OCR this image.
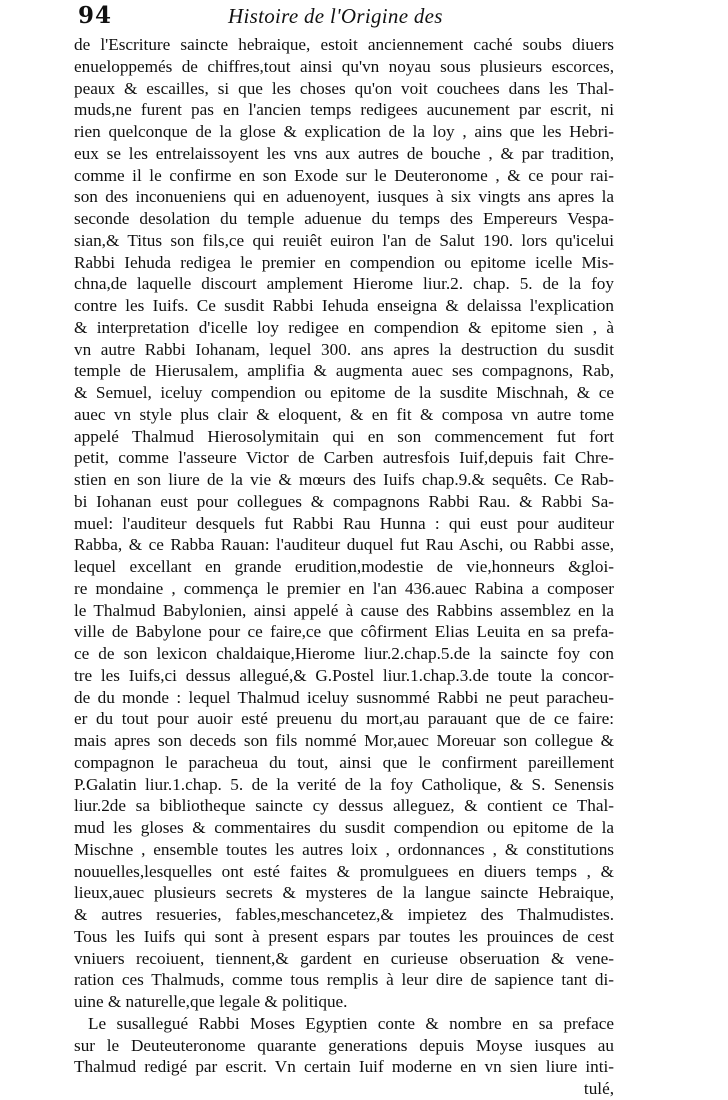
94	Histoire de l'Origine des
de l'Escriture saincte hebraique, estoit anciennement caché soubs diuers
enueloppemés de chiffres,tout ainsi qu'vn noyau sous plusieurs escorces,
peaux & escailles, si que les choses qu'on voit couchees dans les Thal-
muds,ne furent pas en l'ancien temps redigees aucunement par escrit, ni
rien quelconque de la glose & explication de la loy , ains que les Hebri-
eux se les entrelaissoyent les vns aux autres de bouche , & par tradition,
comme il le confirme en son Exode sur le Deuteronome , & ce pour rai-
son des inconueniens qui en aduenoyent, iusques à six vingts ans apres la
seconde desolation du temple aduenue du temps des Empereurs Vespa-
sian,& Titus son fils,ce qui reuiêt euiron l'an de Salut 190. lors qu'icelui
Rabbi Iehuda redigea le premier en compendion ou epitome icelle Mis-
chna,de laquelle discourt amplement Hierome liur.2. chap. 5. de la foy
contre les Iuifs. Ce susdit Rabbi Iehuda enseigna & delaissa l'explication
& interpretation d'icelle loy redigee en compendion & epitome sien , à
vn autre Rabbi Iohanam, lequel 300. ans apres la destruction du susdit
temple de Hierusalem, amplifia & augmenta auec ses compagnons, Rab,
& Semuel, iceluy compendion ou epitome de la susdite Mischnah, & ce
auec vn style plus clair & eloquent, & en fit & composa vn autre tome
appelé Thalmud Hierosolymitain qui en son commencement fut fort
petit, comme l'asseure Victor de Carben autresfois Iuif,depuis fait Chre-
stien en son liure de la vie & mœurs des Iuifs chap.9.& sequêts. Ce Rab-
bi Iohanan eust pour collegues & compagnons Rabbi Rau. & Rabbi Sa-
muel: l'auditeur desquels fut Rabbi Rau Hunna : qui eust pour auditeur
Rabba, & ce Rabba Rauan: l'auditeur duquel fut Rau Aschi, ou Rabbi asse,
lequel excellant en grande erudition,modestie de vie,honneurs &gloi-
re mondaine , commença le premier en l'an 436.auec Rabina a composer
le Thalmud Babylonien, ainsi appelé à cause des Rabbins assemblez en la
ville de Babylone pour ce faire,ce que côfirment Elias Leuita en sa prefa-
ce de son lexicon chaldaique,Hierome liur.2.chap.5.de la saincte foy con
tre les Iuifs,ci dessus allegué,& G.Postel liur.1.chap.3.de toute la concor-
de du monde : lequel Thalmud iceluy susnommé Rabbi ne peut paracheu-
er du tout pour auoir esté preuenu du mort,au parauant que de ce faire:
mais apres son deceds son fils nommé Mor,auec Moreuar son collegue &
compagnon le paracheua du tout, ainsi que le confirment pareillement
P.Galatin liur.1.chap. 5. de la verité de la foy Catholique, & S. Senensis
liur.2de sa bibliotheque saincte cy dessus alleguez, & contient ce Thal-
mud les gloses & commentaires du susdit compendion ou epitome de la
Mischne , ensemble toutes les autres loix , ordonnances , & constitutions
nouuelles,lesquelles ont esté faites & promulguees en diuers temps , &
lieux,auec plusieurs secrets & mysteres de la langue saincte Hebraique,
& autres resueries, fables,meschancetez,& impietez des Thalmudistes.
Tous les Iuifs qui sont à present espars par toutes les prouinces de cest
vniuers recoiuent, tiennent,& gardent en curieuse obseruation & vene-
ration ces Thalmuds, comme tous remplis à leur dire de sapience tant di-
uine & naturelle,que legale & politique.
Le susallegué Rabbi Moses Egyptien conte & nombre en sa preface
sur le Deuteuteronome quarante generations depuis Moyse iusques au
Thalmud redigé par escrit. Vn certain Iuif moderne en vn sien liure inti-
tulé,
